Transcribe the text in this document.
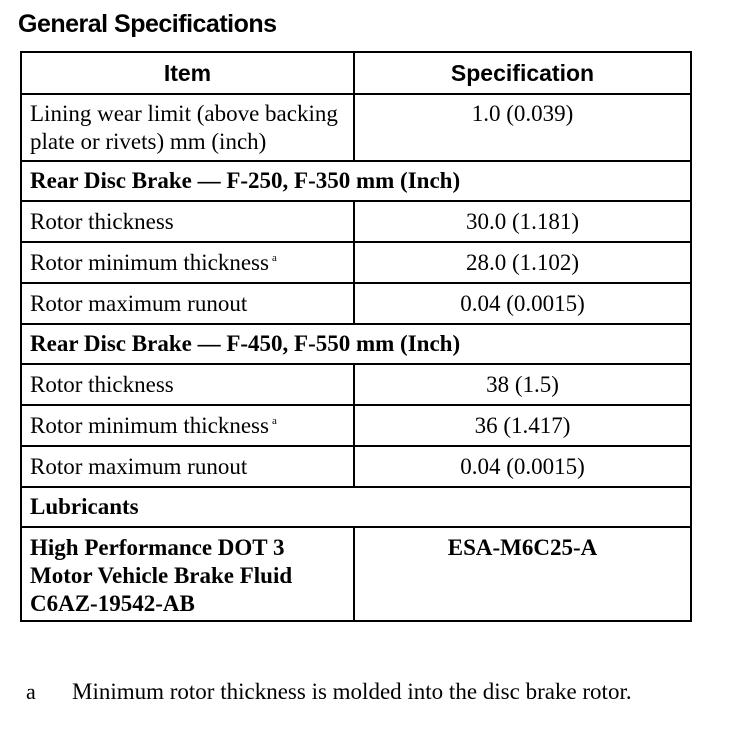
General Specifications
Item	Specification
Lining wear limit (above backing plate or rivets) mm (inch)	1.0 (0.039)
Rear Disc Brake — F-250, F-350 mm (Inch)	
Rotor thickness	30.0 (1.181)
Rotor minimum thickness $^a$	28.0 (1.102)
Rotor maximum runout	0.04 (0.0015)
Rear Disc Brake — F-450, F-550 mm (Inch)	
Rotor thickness	38 (1.5)
Rotor minimum thickness $^a$	36 (1.417)
Rotor maximum runout	0.04 (0.0015)
Lubricants	
High Performance DOT 3 Motor Vehicle Brake Fluid C6AZ-19542-AB	ESA-M6C25-A
a	Minimum rotor thickness is molded into the disc brake rotor.
